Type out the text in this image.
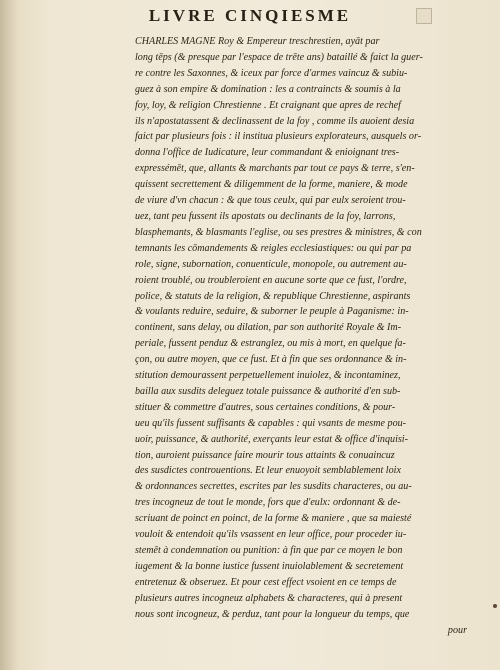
LIVRE CINQIESME
CHARLES MAGNE Roy & Empereur treschrestien, ayāt par
long tēps (& presque par l'espace de trēte ans) bataillé & faict la guer-
re contre les Saxonnes, & iceux par force d'armes vaincuz & subiu-
guez à son empire & domination : les a contraincts & soumis à la
foy, loy, & religion Chrestienne . Et craignant que apres de rechef
ils n'apostatassent & declinassent de la foy , comme ils auoient desia
faict par plusieurs fois : il institua plusieurs explorateurs, ausquels or-
donna l'office de Iudicature, leur commandant & enioignant tres-
expressémēt, que, allants & marchants par tout ce pays & terre, s'en-
quissent secrettement & diligemment de la forme, maniere, & mode
de viure d'vn chacun : & que tous ceulx, qui par eulx seroient trou-
uez, tant peu fussent ils apostats ou declinants de la foy, larrons,
blasphemants, & blasmants l'eglise, ou ses prestres & ministres, & con
temnants les cōmandements & reigles ecclesiastiques: ou qui par pa
role, signe, subornation, conuenticule, monopole, ou autrement au-
roient troublé, ou troubleroient en aucune sorte que ce fust, l'ordre,
police, & statuts de la religion, & republique Chrestienne, aspirants
& voulants reduire, seduire, & suborner le peuple à Paganisme: in-
continent, sans delay, ou dilation, par son authorité Royale & Im-
periale, fussent penduz & estranglez, ou mis à mort, en quelque fa-
çon, ou autre moyen, que ce fust. Et à fin que ses ordonnance & in-
stitution demourassent perpetuellement inuiolez, & incontaminez,
bailla aux susdits deleguez totale puissance & authorité d'en sub-
stituer & commettre d'autres, sous certaines conditions, & pour-
ueu qu'ils fussent suffisants & capables : qui vsants de mesme pou-
uoir, puissance, & authorité, exerçants leur estat & office d'inquisi-
tion, auroient puissance faire mourir tous attaints & conuaincuz
des susdictes controuentions. Et leur enuoyoit semblablement loix
& ordonnances secrettes, escrites par les susdits characteres, ou au-
tres incogneuz de tout le monde, fors que d'eulx: ordonnant & de-
scriuant de poinct en poinct, de la forme & maniere , que sa maiesté
vouloit & entendoit qu'ils vsassent en leur office, pour proceder iu-
stemēt à condemnation ou punition: à fin que par ce moyen le bon
iugement & la bonne iustice fussent inuiolablement & secretement
entretenuz & obseruez. Et pour cest effect vsoient en ce temps de
plusieurs autres incogneuz alphabets & characteres, qui à present
nous sont incogneuz, & perduz, tant pour la longueur du temps, que
pour
